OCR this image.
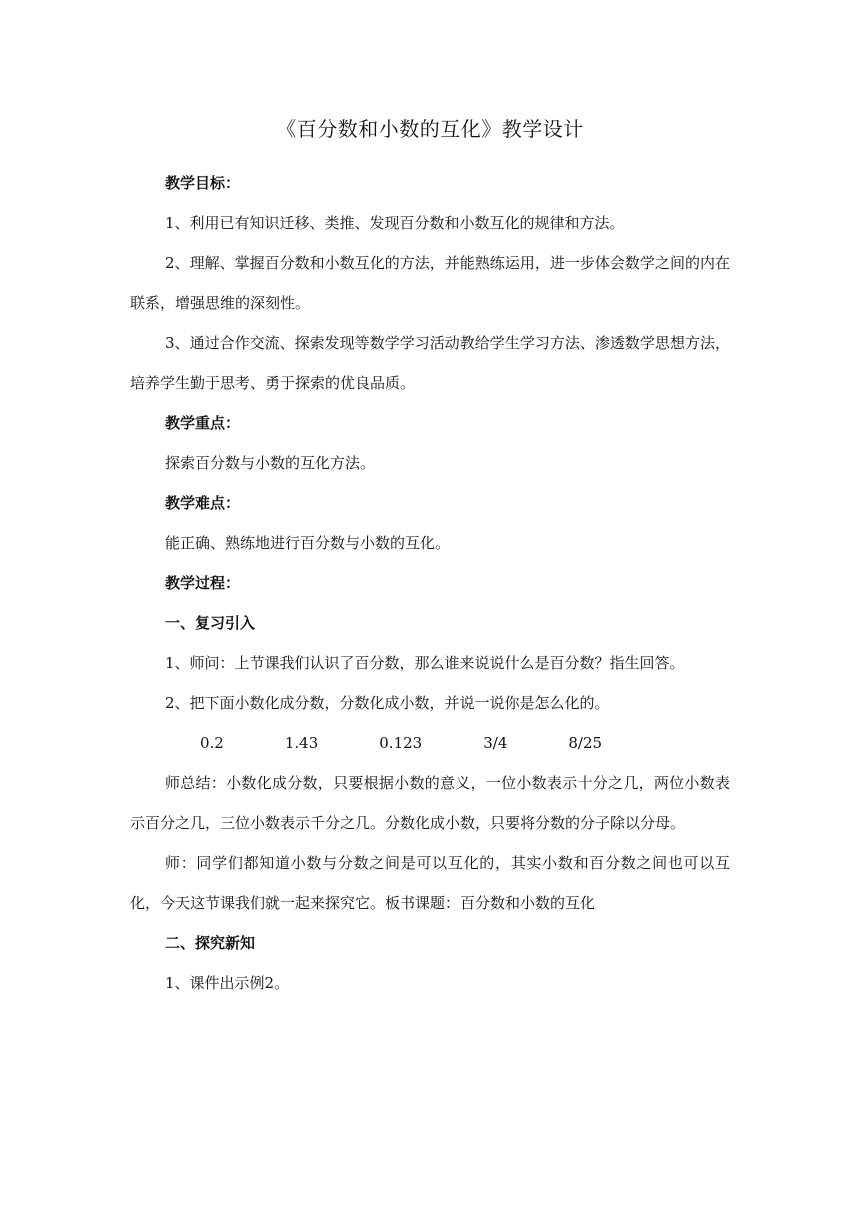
《百分数和小数的互化》教学设计

教学目标：

1、利用已有知识迁移、类推、发现百分数和小数互化的规律和方法。

2、理解、掌握百分数和小数互化的方法，并能熟练运用，进一步体会数学之间的内在联系，增强思维的深刻性。

3、通过合作交流、探索发现等数学学习活动教给学生学习方法、渗透数学思想方法，培养学生勤于思考、勇于探索的优良品质。

教学重点：

探索百分数与小数的互化方法。

教学难点：

能正确、熟练地进行百分数与小数的互化。

教学过程：

一、复习引入

1、师问：上节课我们认识了百分数，那么谁来说说什么是百分数？指生回答。

2、把下面小数化成分数，分数化成小数，并说一说你是怎么化的。

0.2	1.43	0.123	3/4	8/25

师总结：小数化成分数，只要根据小数的意义，一位小数表示十分之几，两位小数表示百分之几，三位小数表示千分之几。分数化成小数，只要将分数的分子除以分母。

师：同学们都知道小数与分数之间是可以互化的，其实小数和百分数之间也可以互化，今天这节课我们就一起来探究它。板书课题：百分数和小数的互化

二、探究新知

1、课件出示例2。
